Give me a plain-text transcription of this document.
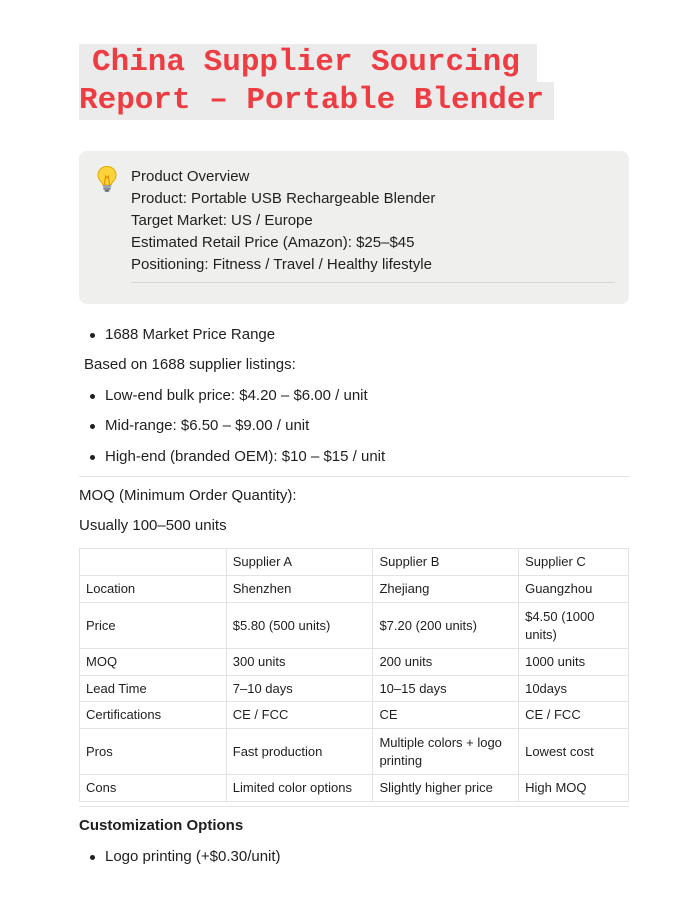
China Supplier Sourcing
Report – Portable Blender
Product Overview
Product: Portable USB Rechargeable Blender
Target Market: US / Europe
Estimated Retail Price (Amazon): $25–$45
Positioning: Fitness / Travel / Healthy lifestyle
1688 Market Price Range
Based on 1688 supplier listings:
Low-end bulk price: $4.20 – $6.00 / unit
Mid-range: $6.50 – $9.00 / unit
High-end (branded OEM): $10 – $15 / unit
MOQ (Minimum Order Quantity):
Usually 100–500 units
	Supplier A	Supplier B	Supplier C
Location	Shenzhen	Zhejiang	Guangzhou
Price	$5.80 (500 units)	$7.20 (200 units)	$4.50 (1000 units)
MOQ	300 units	200 units	1000 units
Lead Time	7–10 days	10–15 days	10days
Certifications	CE / FCC	CE	CE / FCC
Pros	Fast production	Multiple colors + logo printing	Lowest cost
Cons	Limited color options	Slightly higher price	High MOQ
Customization Options
Logo printing (+$0.30/unit)
